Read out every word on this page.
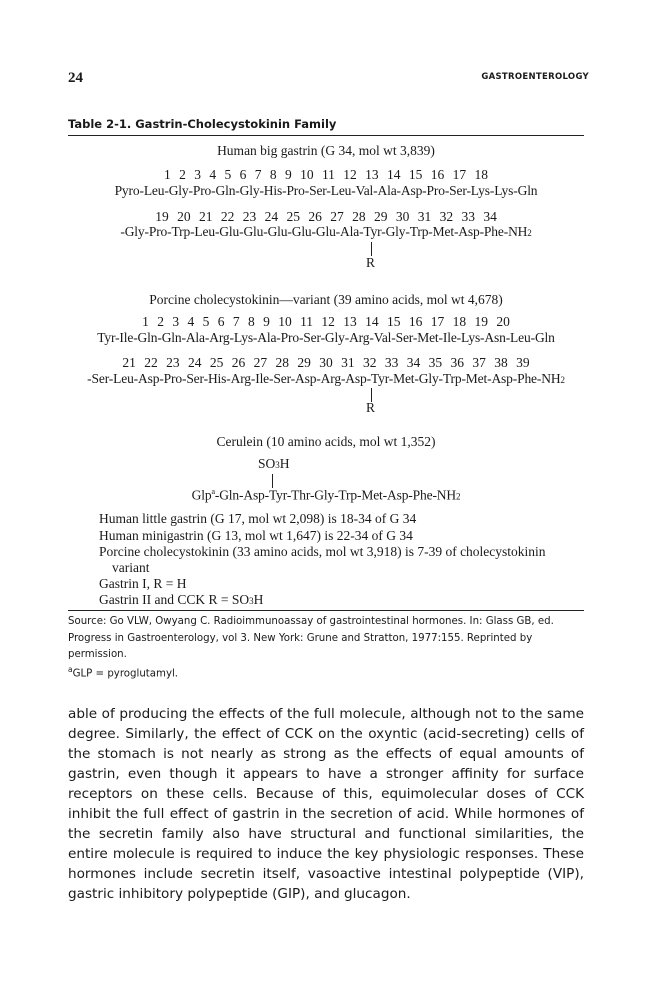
24	GASTROENTEROLOGY
Table 2-1. Gastrin-Cholecystokinin Family
Human big gastrin (G 34, mol wt 3,839)
1 2 3 4 5 6 7 8 9 10 11 12 13 14 15 16 17 18
Pyro-Leu-Gly-Pro-Gln-Gly-His-Pro-Ser-Leu-Val-Ala-Asp-Pro-Ser-Lys-Lys-Gln
19 20 21 22 23 24 25 26 27 28 29 30 31 32 33 34
-Gly-Pro-Trp-Leu-Glu-Glu-Glu-Glu-Glu-Ala-Tyr-Gly-Trp-Met-Asp-Phe-NH2
R
Porcine cholecystokinin—variant (39 amino acids, mol wt 4,678)
1 2 3 4 5 6 7 8 9 10 11 12 13 14 15 16 17 18 19 20
Tyr-Ile-Gln-Gln-Ala-Arg-Lys-Ala-Pro-Ser-Gly-Arg-Val-Ser-Met-Ile-Lys-Asn-Leu-Gln
21 22 23 24 25 26 27 28 29 30 31 32 33 34 35 36 37 38 39
-Ser-Leu-Asp-Pro-Ser-His-Arg-Ile-Ser-Asp-Arg-Asp-Tyr-Met-Gly-Trp-Met-Asp-Phe-NH2
R
Cerulein (10 amino acids, mol wt 1,352)
SO3H
Glp$^a$-Gln-Asp-Tyr-Thr-Gly-Trp-Met-Asp-Phe-NH2
Human little gastrin (G 17, mol wt 2,098) is 18-34 of G 34
Human minigastrin (G 13, mol wt 1,647) is 22-34 of G 34
Porcine cholecystokinin (33 amino acids, mol wt 3,918) is 7-39 of cholecystokinin
variant
Gastrin I, R = H
Gastrin II and CCK R = SO3H
Source: Go VLW, Owyang C. Radioimmunoassay of gastrointestinal hormones. In: Glass GB, ed. Progress in Gastroenterology, vol 3. New York: Grune and Stratton, 1977:155. Reprinted by permission.
$^a$GLP = pyroglutamyl.
able of producing the effects of the full molecule, although not to the same degree. Similarly, the effect of CCK on the oxyntic (acid-secreting) cells of the stomach is not nearly as strong as the effects of equal amounts of gastrin, even though it appears to have a stronger affinity for surface receptors on these cells. Because of this, equimolecular doses of CCK inhibit the full effect of gastrin in the secretion of acid. While hormones of the secretin family also have structural and functional similarities, the entire molecule is required to induce the key physiologic responses. These hormones include secretin itself, vasoactive intestinal polypeptide (VIP), gastric inhibitory polypeptide (GIP), and glucagon.
